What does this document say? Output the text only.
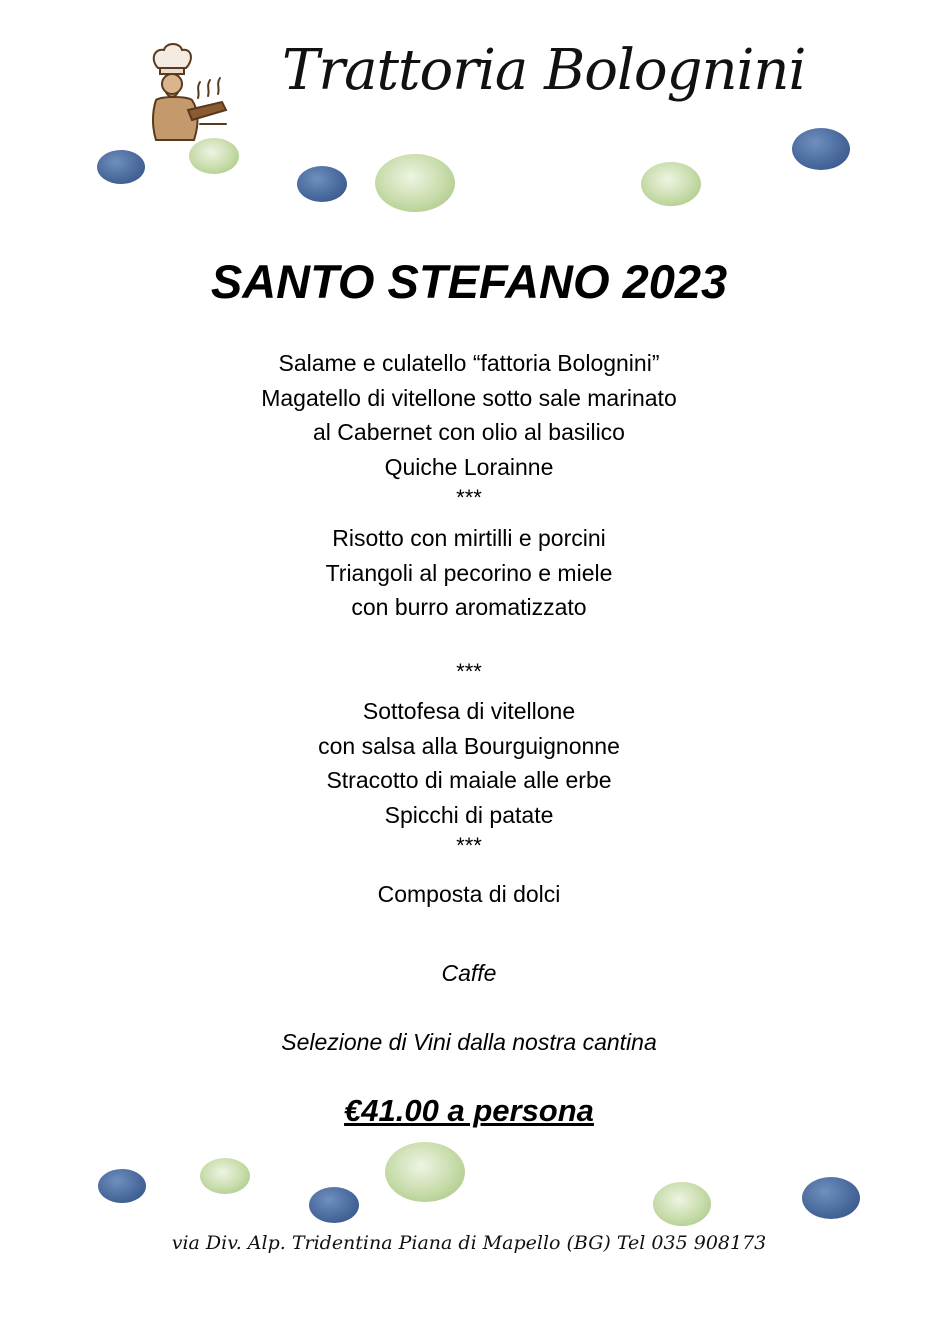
Trattoria Bolognini
SANTO STEFANO 2023
Salame e culatello “fattoria Bolognini”
Magatello di vitellone sotto sale marinato
al Cabernet con olio al basilico
Quiche Lorainne
***
Risotto con mirtilli e porcini
Triangoli al pecorino e miele
con burro aromatizzato
***
Sottofesa di vitellone
con salsa alla Bourguignonne
Stracotto di maiale alle erbe
Spicchi di patate
***
Composta di dolci
Caffe
Selezione di Vini dalla nostra cantina
€41.00 a persona
via Div. Alp. Tridentina Piana di Mapello (BG) Tel 035 908173
